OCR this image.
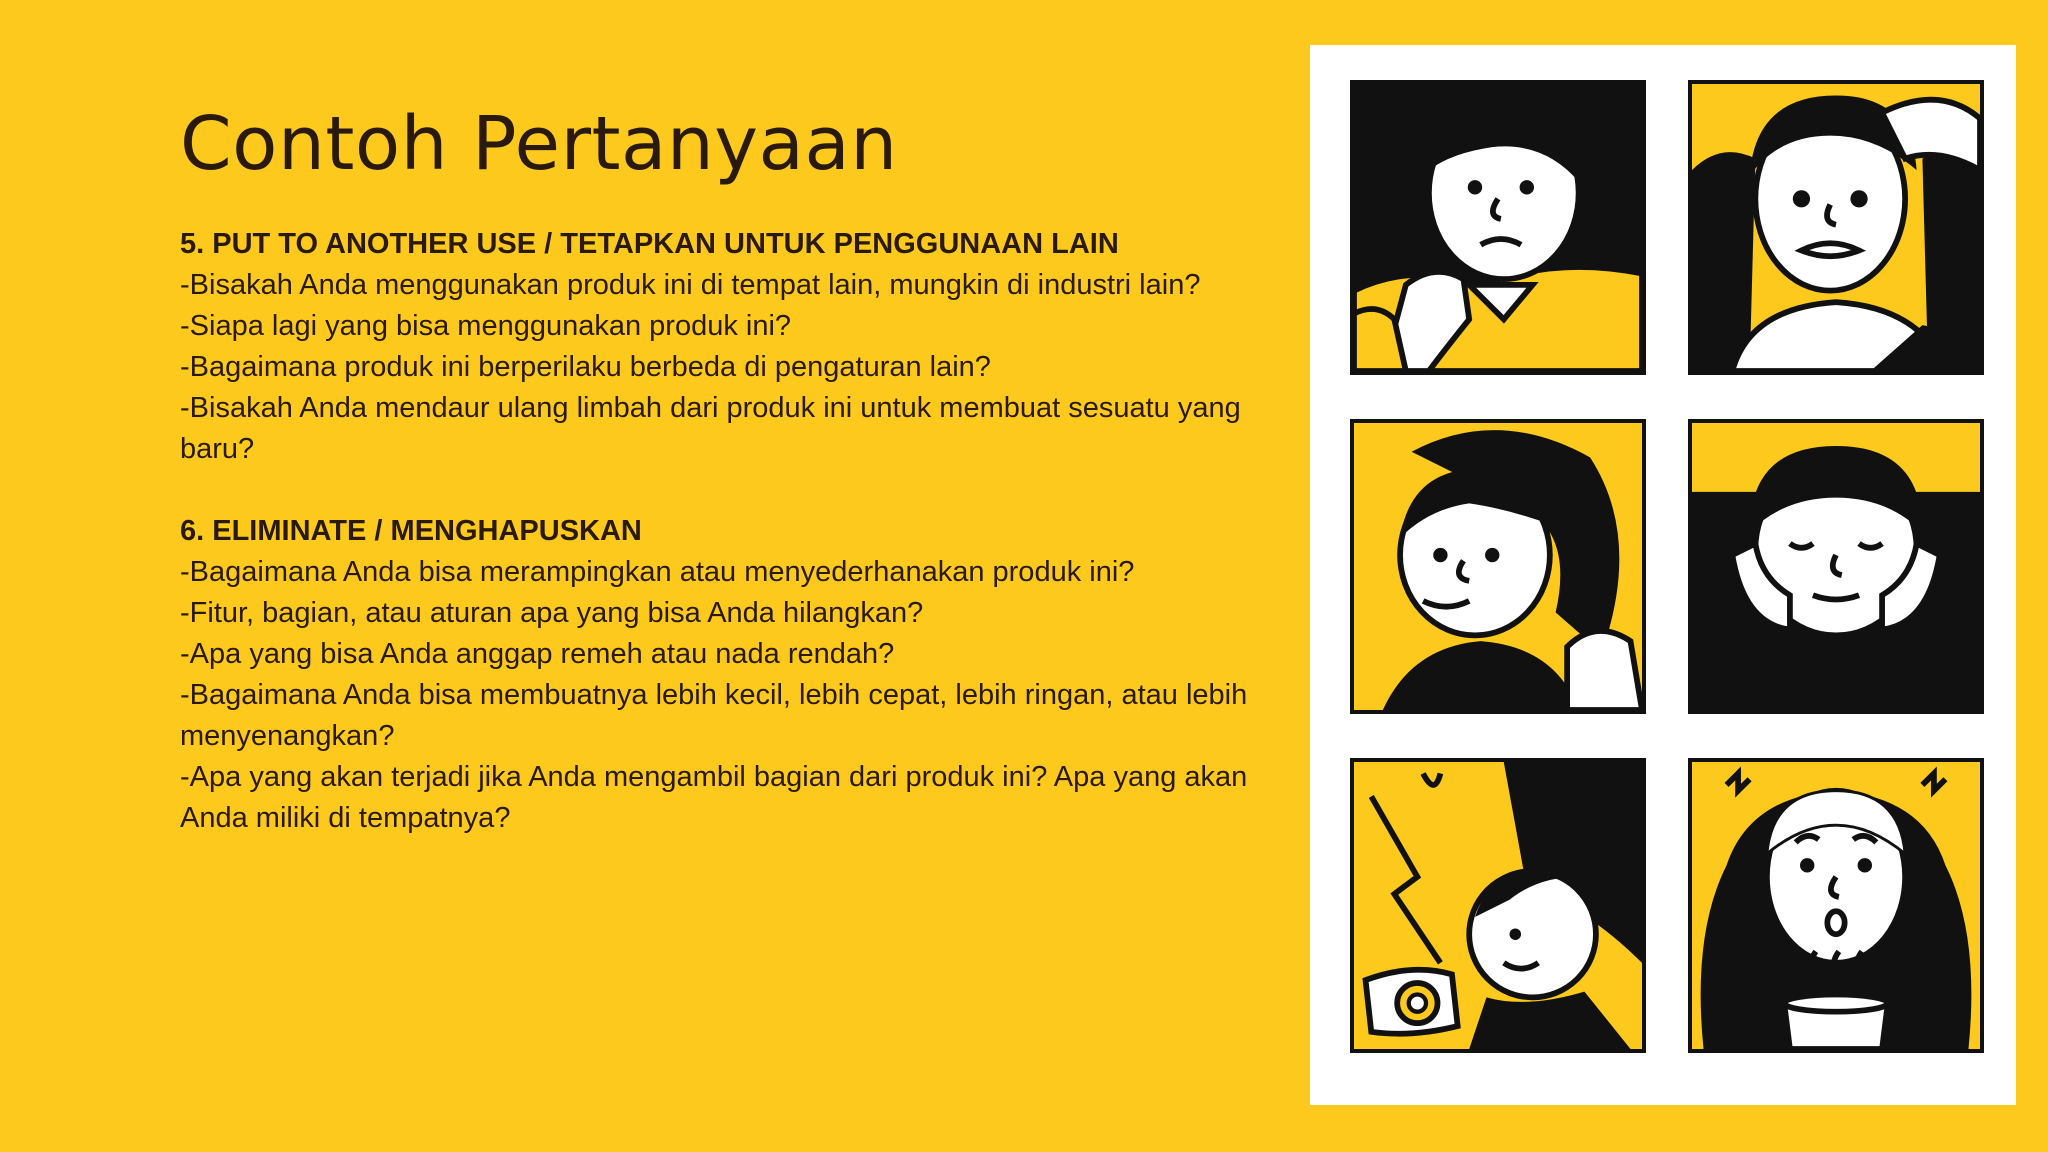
Contoh Pertanyaan
5. PUT TO ANOTHER USE / TETAPKAN UNTUK PENGGUNAAN LAIN
-Bisakah Anda menggunakan produk ini di tempat lain, mungkin di industri lain?
-Siapa lagi yang bisa menggunakan produk ini?
-Bagaimana produk ini berperilaku berbeda di pengaturan lain?
-Bisakah Anda mendaur ulang limbah dari produk ini untuk membuat sesuatu yang baru?
6. ELIMINATE / MENGHAPUSKAN
-Bagaimana Anda bisa merampingkan atau menyederhanakan produk ini?
-Fitur, bagian, atau aturan apa yang bisa Anda hilangkan?
-Apa yang bisa Anda anggap remeh atau nada rendah?
-Bagaimana Anda bisa membuatnya lebih kecil, lebih cepat, lebih ringan, atau lebih menyenangkan?
-Apa yang akan terjadi jika Anda mengambil bagian dari produk ini? Apa yang akan Anda miliki di tempatnya?
